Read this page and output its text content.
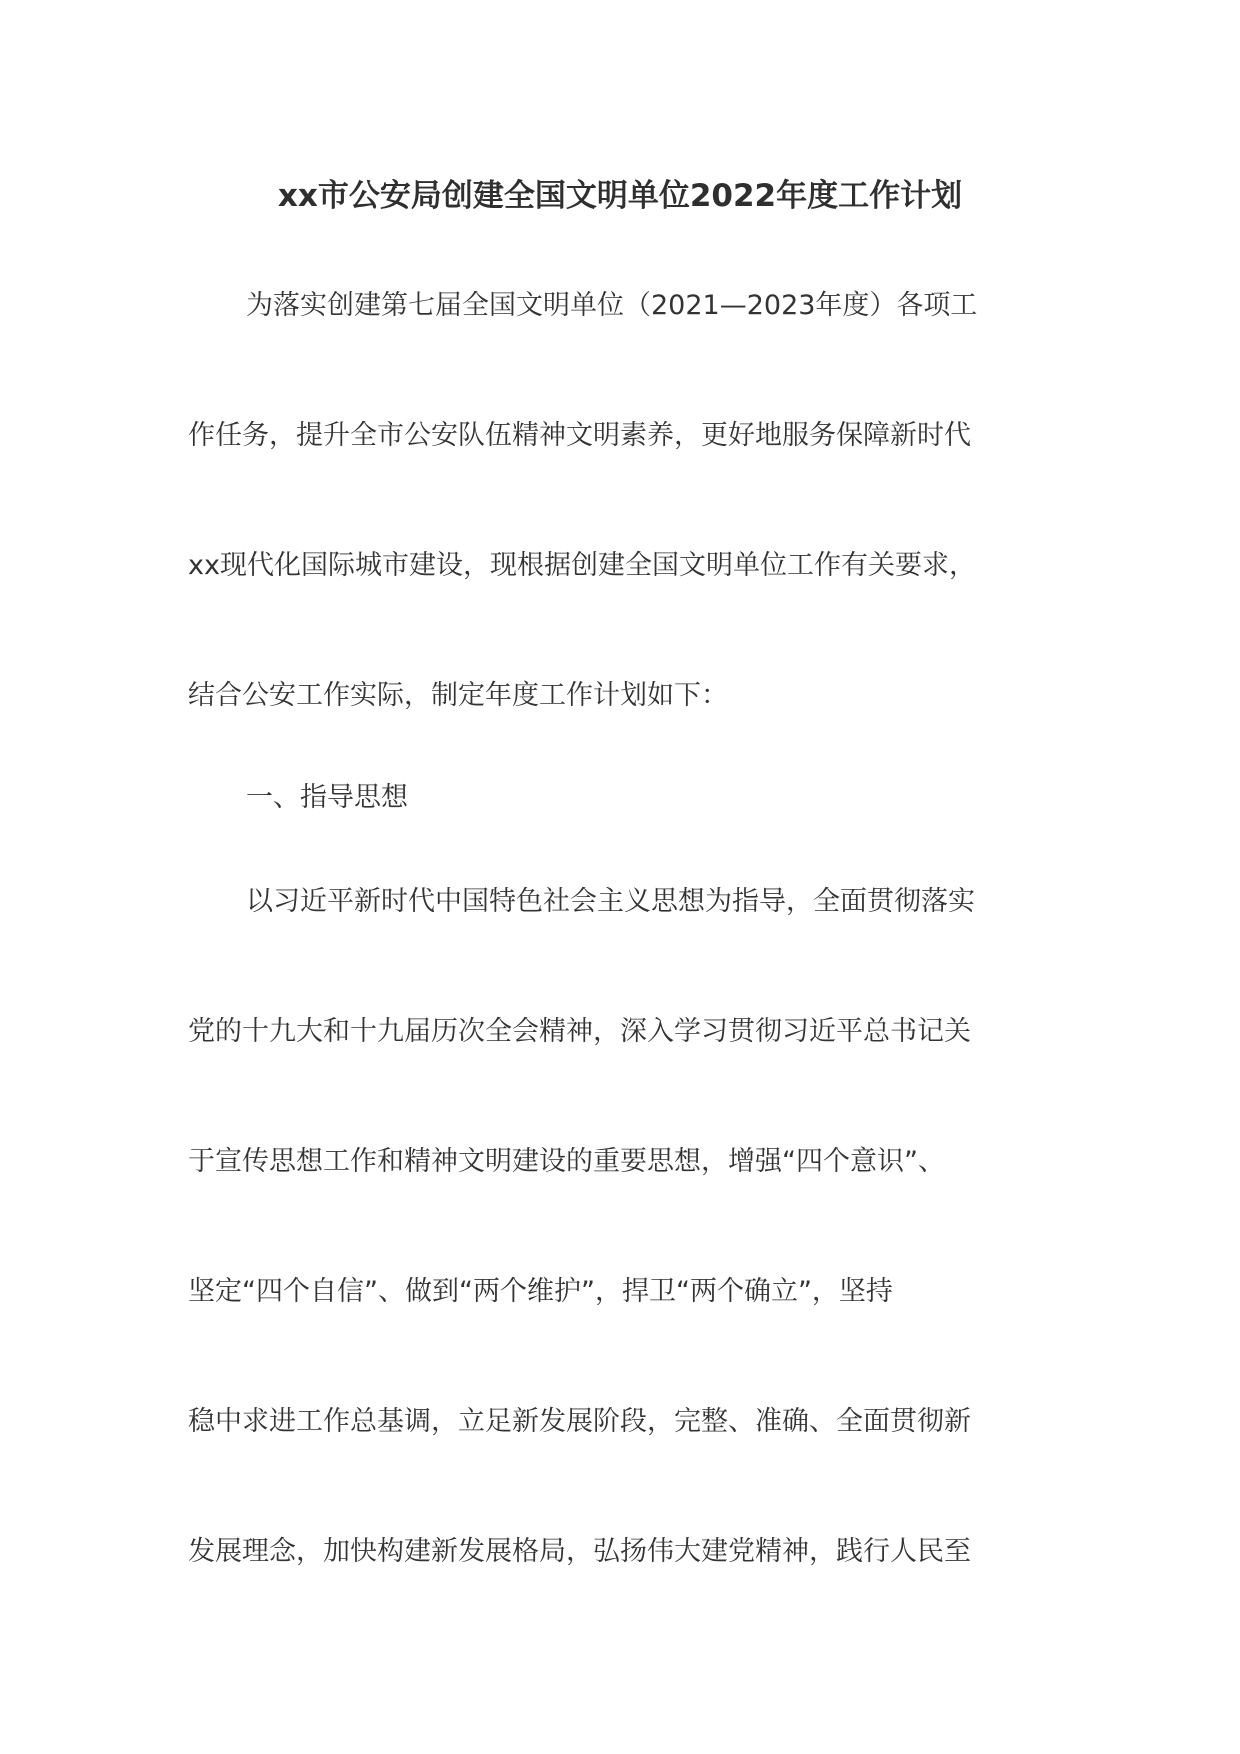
xx市公安局创建全国文明单位2022年度工作计划
为落实创建第七届全国文明单位（2021—2023年度）各项工
作任务，提升全市公安队伍精神文明素养，更好地服务保障新时代
xx现代化国际城市建设，现根据创建全国文明单位工作有关要求，
结合公安工作实际，制定年度工作计划如下：
一、指导思想
以习近平新时代中国特色社会主义思想为指导，全面贯彻落实
党的十九大和十九届历次全会精神，深入学习贯彻习近平总书记关
于宣传思想工作和精神文明建设的重要思想，增强“四个意识”、
坚定“四个自信”、做到“两个维护”，捍卫“两个确立”，坚持
稳中求进工作总基调，立足新发展阶段，完整、准确、全面贯彻新
发展理念，加快构建新发展格局，弘扬伟大建党精神，践行人民至
